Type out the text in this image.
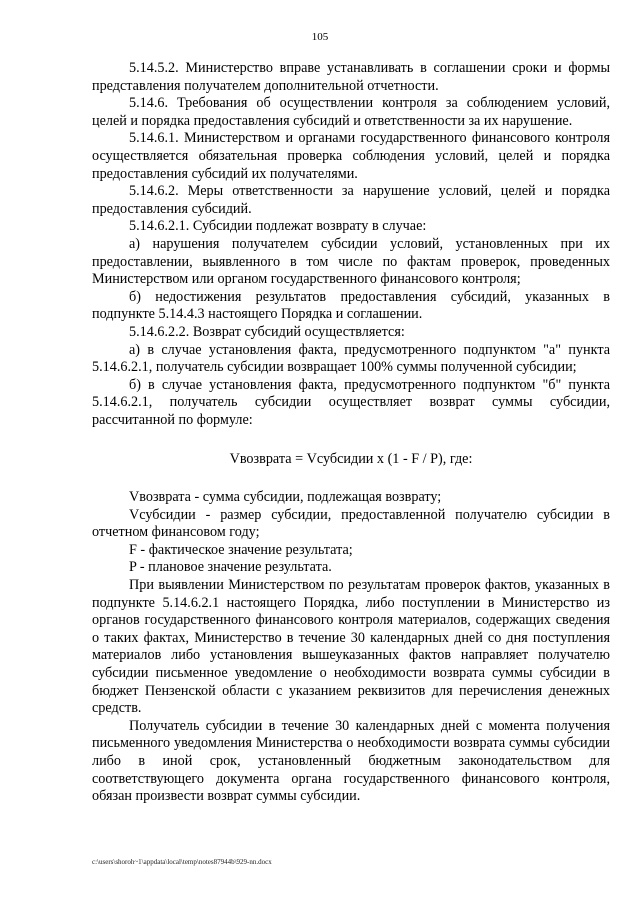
105

5.14.5.2. Министерство вправе устанавливать в соглашении сроки и формы представления получателем дополнительной отчетности.

5.14.6. Требования об осуществлении контроля за соблюдением условий, целей и порядка предоставления субсидий и ответственности за их нарушение.

5.14.6.1. Министерством и органами государственного финансового контроля осуществляется обязательная проверка соблюдения условий, целей и порядка предоставления субсидий их получателями.

5.14.6.2. Меры ответственности за нарушение условий, целей и порядка предоставления субсидий.

5.14.6.2.1. Субсидии подлежат возврату в случае:

а) нарушения получателем субсидии условий, установленных при их предоставлении, выявленного в том числе по фактам проверок, проведенных Министерством или органом государственного финансового контроля;

б) недостижения результатов предоставления субсидий, указанных в подпункте 5.14.4.3 настоящего Порядка и соглашении.

5.14.6.2.2. Возврат субсидий осуществляется:

а) в случае установления факта, предусмотренного подпунктом "а" пункта 5.14.6.2.1, получатель субсидии возвращает 100% суммы полученной субсидии;

б) в случае установления факта, предусмотренного подпунктом "б" пункта 5.14.6.2.1, получатель субсидии осуществляет возврат суммы субсидии, рассчитанной по формуле:

Vвозврата = Vсубсидии x (1 - F / P), где:

Vвозврата - сумма субсидии, подлежащая возврату;

Vсубсидии - размер субсидии, предоставленной получателю субсидии в отчетном финансовом году;

F - фактическое значение результата;

P - плановое значение результата.

При выявлении Министерством по результатам проверок фактов, указанных в подпункте 5.14.6.2.1 настоящего Порядка, либо поступлении в Министерство из органов государственного финансового контроля материалов, содержащих сведения о таких фактах, Министерство в течение 30 календарных дней со дня поступления материалов либо установления вышеуказанных фактов направляет получателю субсидии письменное уведомление о необходимости возврата суммы субсидии в бюджет Пензенской области с указанием реквизитов для перечисления денежных средств.

Получатель субсидии в течение 30 календарных дней с момента получения письменного уведомления Министерства о необходимости возврата суммы субсидии либо в иной срок, установленный бюджетным законодательством для соответствующего документа органа государственного финансового контроля, обязан произвести возврат суммы субсидии.

c:\users\shoroh~1\appdata\local\temp\notes87944b\929-nn.docx
